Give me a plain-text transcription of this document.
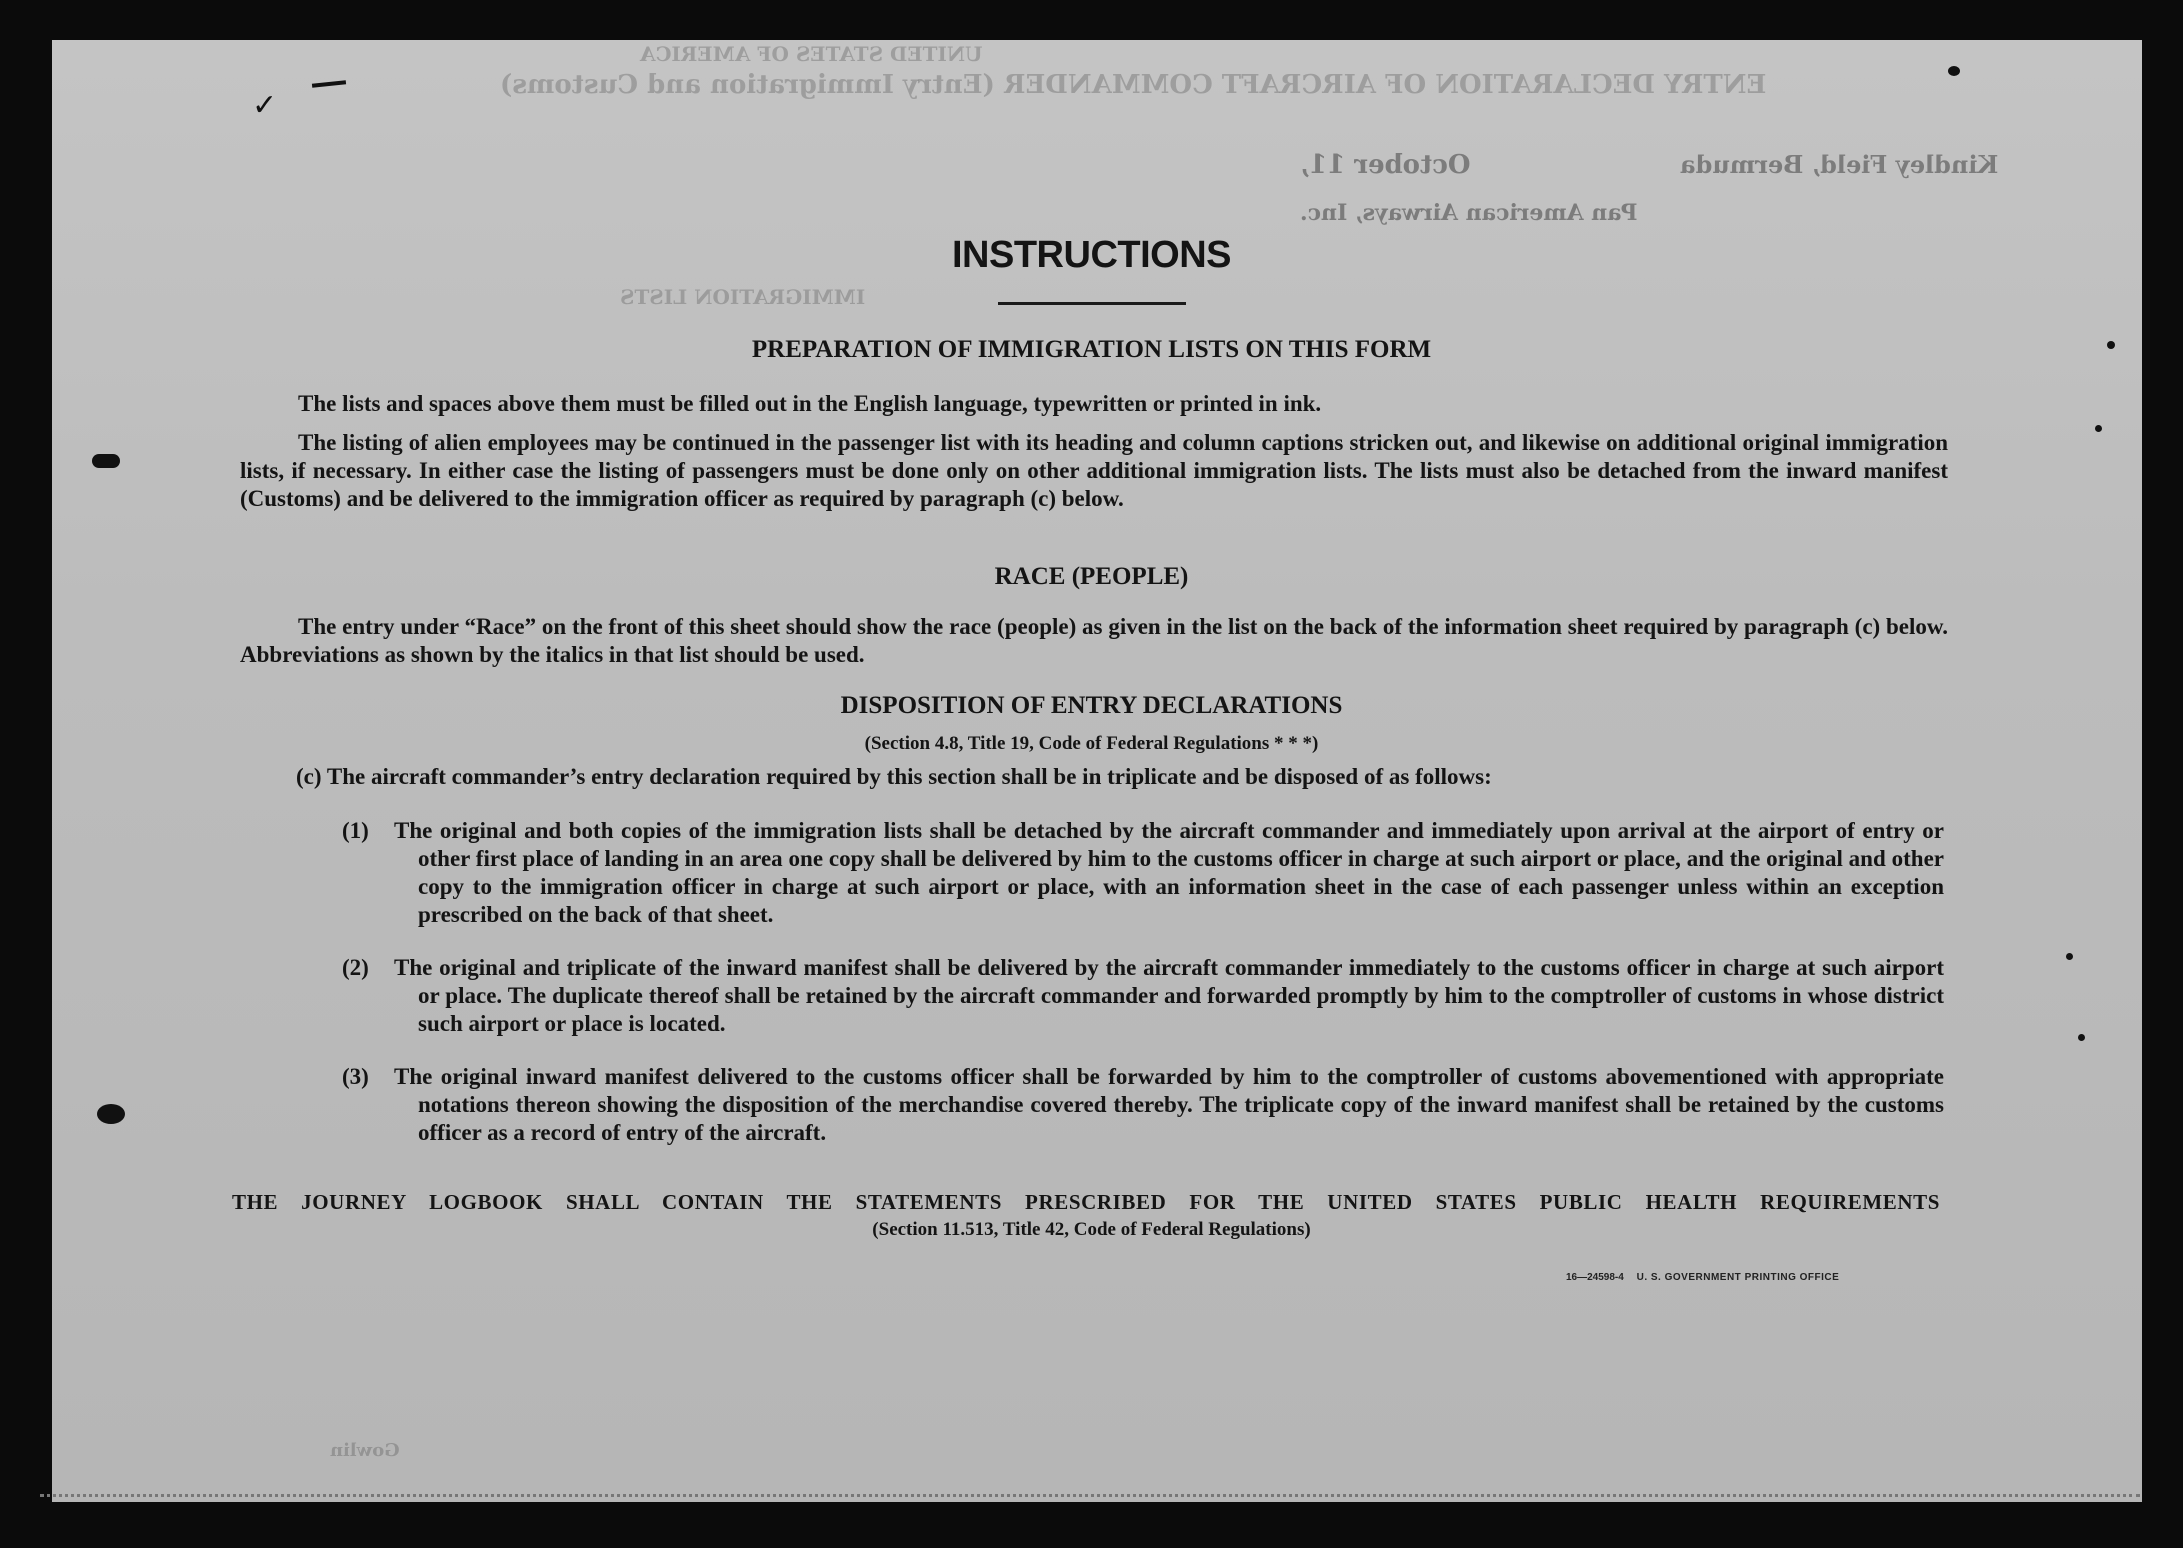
ENTRY DECLARATION OF AIRCRAFT COMMANDER (Entry Immigration and Customs)
UNITED STATES OF AMERICA
October 11,	Kindley Field, Bermuda
Pan American Airways, Inc.
IMMIGRATION LISTS
Gowlin
✓
INSTRUCTIONS
PREPARATION OF IMMIGRATION LISTS ON THIS FORM
The lists and spaces above them must be filled out in the English language, typewritten or printed in ink.
The listing of alien employees may be continued in the passenger list with its heading and column captions stricken out, and likewise on additional original immigration lists, if necessary. In either case the listing of passengers must be done only on other additional immigration lists. The lists must also be detached from the inward manifest (Customs) and be delivered to the immigration officer as required by paragraph (c) below.
RACE (PEOPLE)
The entry under “Race” on the front of this sheet should show the race (people) as given in the list on the back of the information sheet required by paragraph (c) below. Abbreviations as shown by the italics in that list should be used.
DISPOSITION OF ENTRY DECLARATIONS
(Section 4.8, Title 19, Code of Federal Regulations * * *)
(c) The aircraft commander’s entry declaration required by this section shall be in triplicate and be disposed of as follows:
(1) The original and both copies of the immigration lists shall be detached by the aircraft commander and immediately upon arrival at the airport of entry or other first place of landing in an area one copy shall be delivered by him to the customs officer in charge at such airport or place, and the original and other copy to the immigration officer in charge at such airport or place, with an information sheet in the case of each passenger unless within an exception prescribed on the back of that sheet.
(2) The original and triplicate of the inward manifest shall be delivered by the aircraft commander immediately to the customs officer in charge at such airport or place. The duplicate thereof shall be retained by the aircraft commander and forwarded promptly by him to the comptroller of customs in whose district such airport or place is located.
(3) The original inward manifest delivered to the customs officer shall be forwarded by him to the comptroller of customs abovementioned with appropriate notations thereon showing the disposition of the merchandise covered thereby. The triplicate copy of the inward manifest shall be retained by the customs officer as a record of entry of the aircraft.
THE JOURNEY LOGBOOK SHALL CONTAIN THE STATEMENTS PRESCRIBED FOR THE UNITED STATES PUBLIC HEALTH REQUIREMENTS
(Section 11.513, Title 42, Code of Federal Regulations)
16—24598-4 U. S. GOVERNMENT PRINTING OFFICE
